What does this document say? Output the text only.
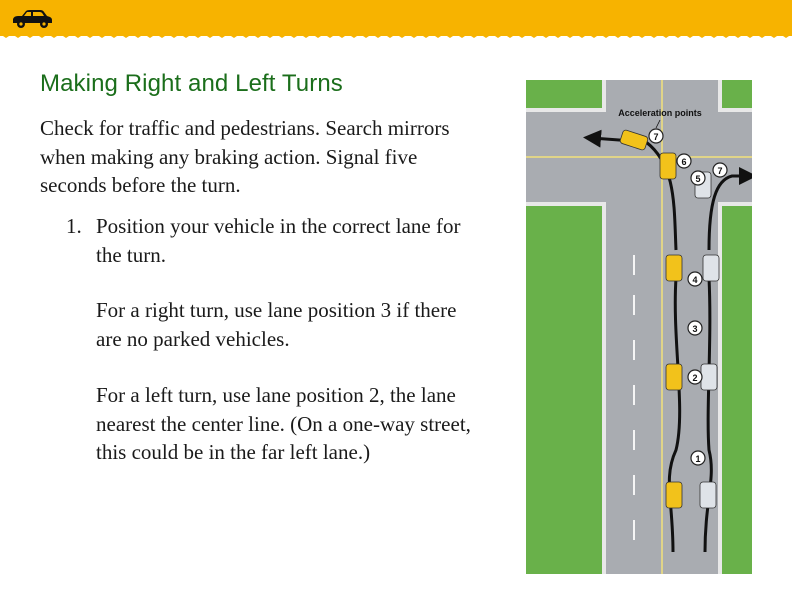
Making Right and Left Turns

Check for traffic and pedestrians. Search mirrors when making any braking action. Signal five seconds before the turn.

1. Position your vehicle in the correct lane for the turn.
For a right turn, use lane position 3 if there are no parked vehicles.
For a left turn, use lane position 2, the lane nearest the center line. (On a one-way street, this could be in the far left lane.)
7
6
5
7
4
3
2
1
Acceleration points
